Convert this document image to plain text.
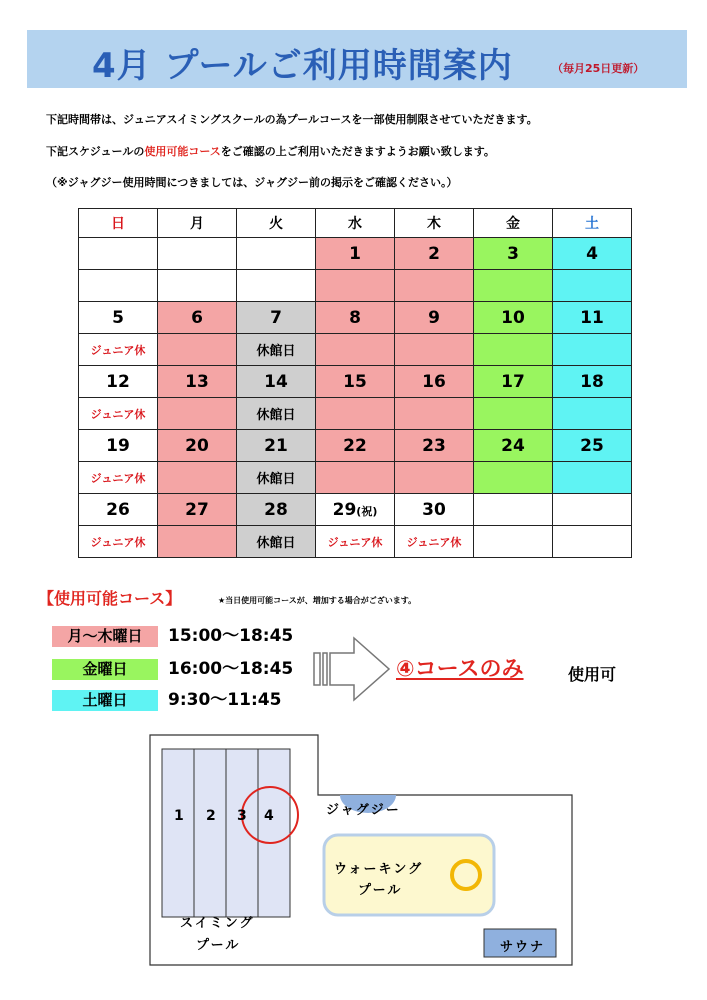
4月 プールご利用時間案内	（毎月25日更新）
下記時間帯は、ジュニアスイミングスクールの為プールコースを一部使用制限させていただきます。
下記スケジュールの使用可能コースをご確認の上ご利用いただきますようお願い致します。
（※ジャグジー使用時間につきましては、ジャグジー前の掲示をご確認ください。）
日	月	火	水	木	金	土
			1	2	3	4

5	6	7	8	9	10	11
ジュニア休		休館日				
12	13	14	15	16	17	18
ジュニア休		休館日				
19	20	21	22	23	24	25
ジュニア休		休館日				
26	27	28	29(祝)	30		
ジュニア休		休館日	ジュニア休	ジュニア休		
【使用可能コース】	★当日使用可能コースが、増加する場合がございます。
月～木曜日	15:00～18:45
金曜日	16:00～18:45
土曜日	9:30～11:45
④コースのみ	使用可
1 2 3 4
スイミング
プール
ジャグジー
ウォーキング
プール
サウナ
